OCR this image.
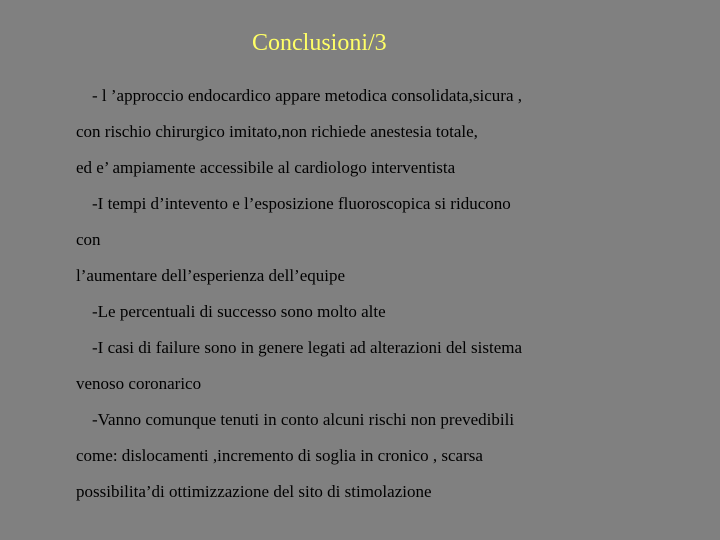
Conclusioni/3
- l ’approccio endocardico appare metodica consolidata,sicura ,
con rischio chirurgico imitato,non richiede anestesia totale,
ed e’ ampiamente accessibile al cardiologo interventista
-I tempi d’intevento e l’esposizione fluoroscopica si riducono
con
l’aumentare dell’esperienza dell’equipe
-Le percentuali di successo sono molto alte
-I casi di failure sono in genere legati ad alterazioni del sistema
venoso coronarico
-Vanno comunque tenuti in conto alcuni rischi non prevedibili
come: dislocamenti ,incremento di soglia in cronico , scarsa
possibilita’di ottimizzazione del sito di stimolazione
